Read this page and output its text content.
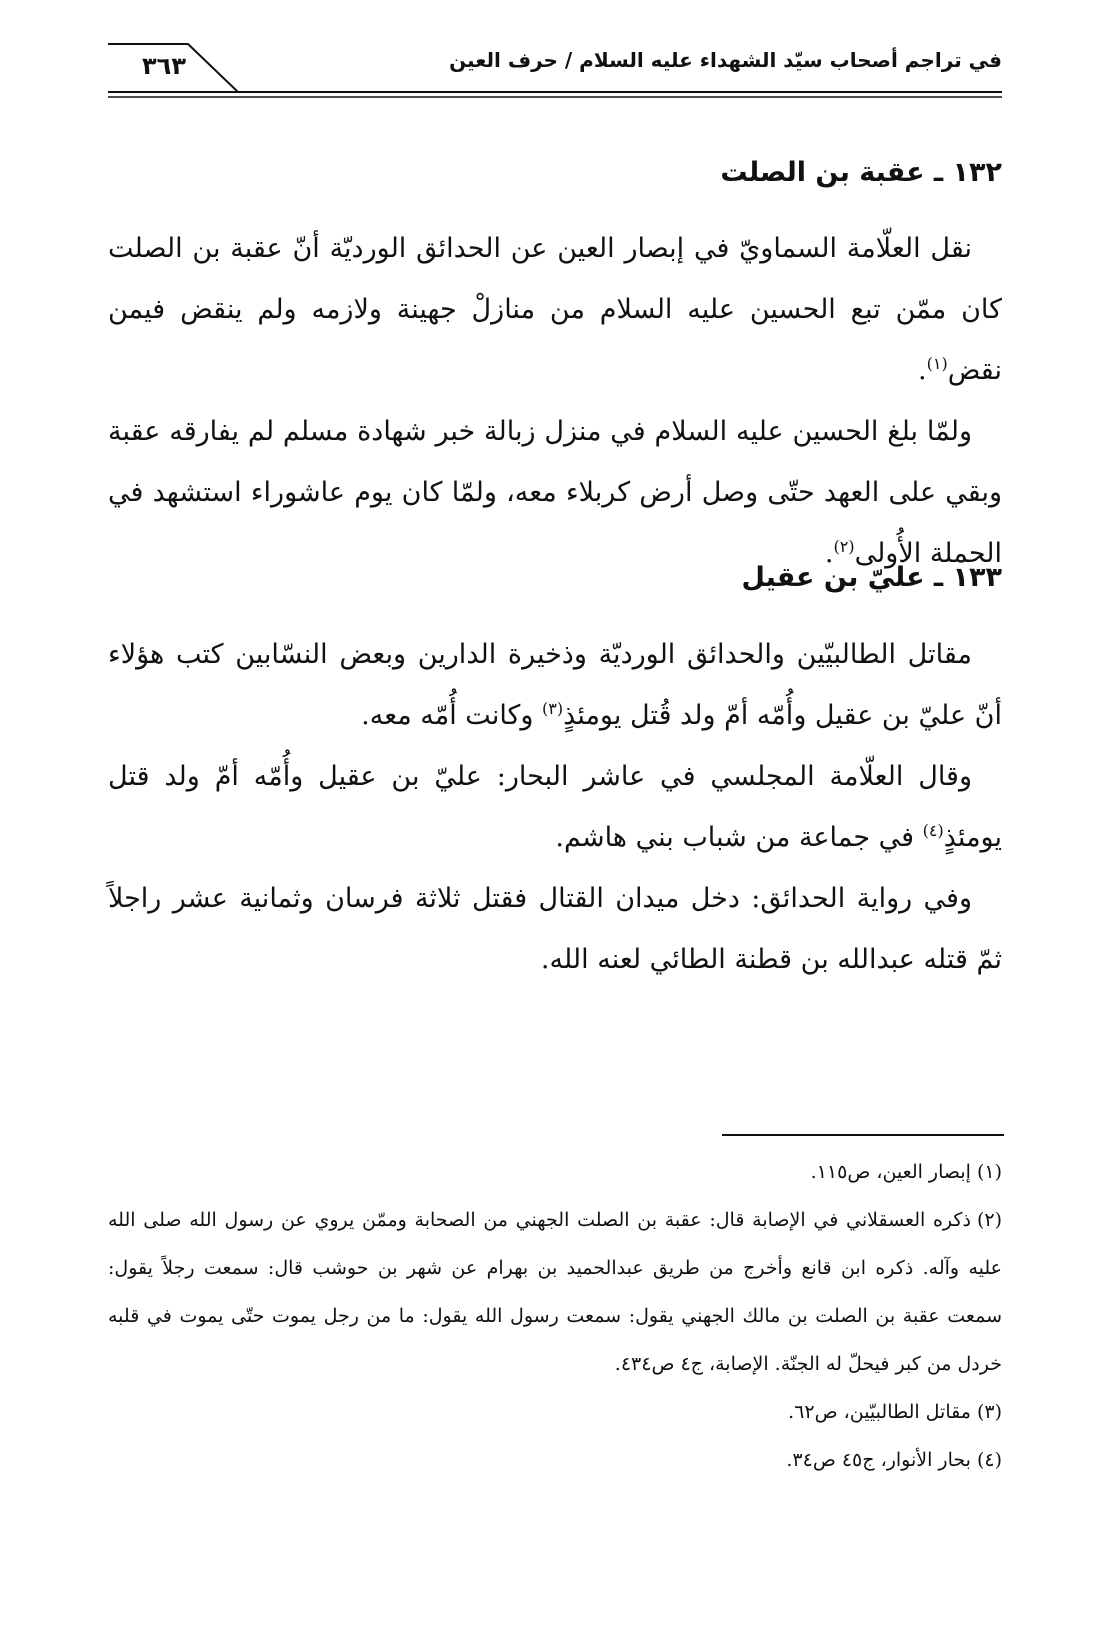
في تراجم أصحاب سيّد الشهداء عليه السلام / حرف العين
٣٦٣
١٣٢ ـ عقبة بن الصلت

نقل العلّامة السماويّ في إبصار العين عن الحدائق الورديّة أنّ عقبة بن الصلت كان ممّن تبع الحسين عليه السلام من منازلْ جهينة ولازمه ولم ينقض فيمن نقض$^{(١)}$.

ولمّا بلغ الحسين عليه السلام في منزل زبالة خبر شهادة مسلم لم يفارقه عقبة وبقي على العهد حتّى وصل أرض كربلاء معه، ولمّا كان يوم عاشوراء استشهد في الحملة الأُولى$^{(٢)}$.

١٣٣ ـ عليّ بن عقيل

مقاتل الطالبيّين والحدائق الورديّة وذخيرة الدارين وبعض النسّابين كتب هؤلاء أنّ عليّ بن عقيل وأُمّه أمّ ولد قُتل يومئذٍ$^{(٣)}$ وكانت أُمّه معه.

وقال العلّامة المجلسي في عاشر البحار: عليّ بن عقيل وأُمّه أمّ ولد قتل يومئذٍ$^{(٤)}$ في جماعة من شباب بني هاشم.

وفي رواية الحدائق: دخل ميدان القتال فقتل ثلاثة فرسان وثمانية عشر راجلاً ثمّ قتله عبدالله بن قطنة الطائي لعنه الله.

(١)إبصار العين، ص١١٥.

(٢)ذكره العسقلاني في الإصابة قال: عقبة بن الصلت الجهني من الصحابة وممّن يروي عن رسول الله صلى الله عليه وآله. ذكره ابن قانع وأخرج من طريق عبدالحميد بن بهرام عن شهر بن حوشب قال: سمعت رجلاً يقول: سمعت عقبة بن الصلت بن مالك الجهني يقول: سمعت رسول الله يقول: ما من رجل يموت حتّى يموت في قلبه خردل من كبر فيحلّ له الجنّة. الإصابة، ج٤ ص٤٣٤.

(٣)مقاتل الطالبيّين، ص٦٢.

(٤)بحار الأنوار، ج٤٥ ص٣٤.
